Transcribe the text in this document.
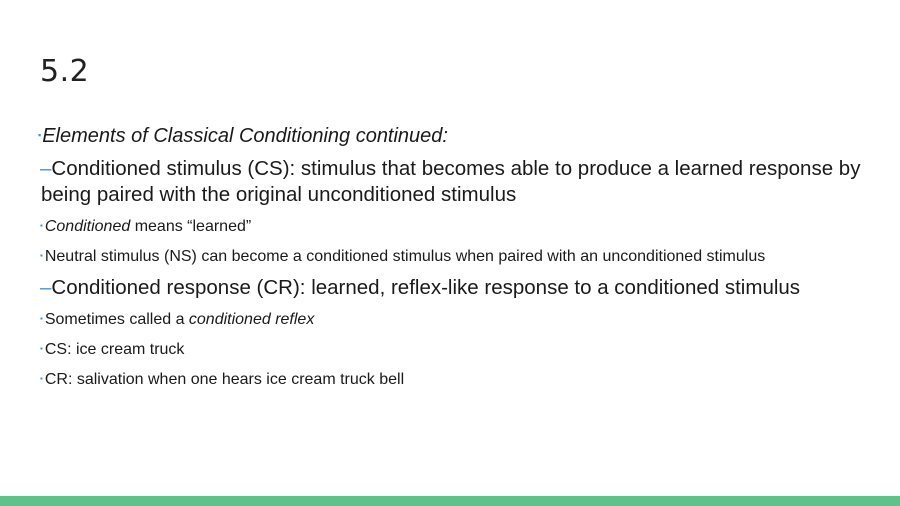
5.2

▪Elements of Classical Conditioning continued:

–Conditioned stimulus (CS): stimulus that becomes able to produce a learned response by being paired with the original unconditioned stimulus

▪ Conditioned means “learned”

▪ Neutral stimulus (NS) can become a conditioned stimulus when paired with an unconditioned stimulus

–Conditioned response (CR): learned, reflex-like response to a conditioned stimulus

▪ Sometimes called a conditioned reflex

▪ CS: ice cream truck

▪ CR: salivation when one hears ice cream truck bell
